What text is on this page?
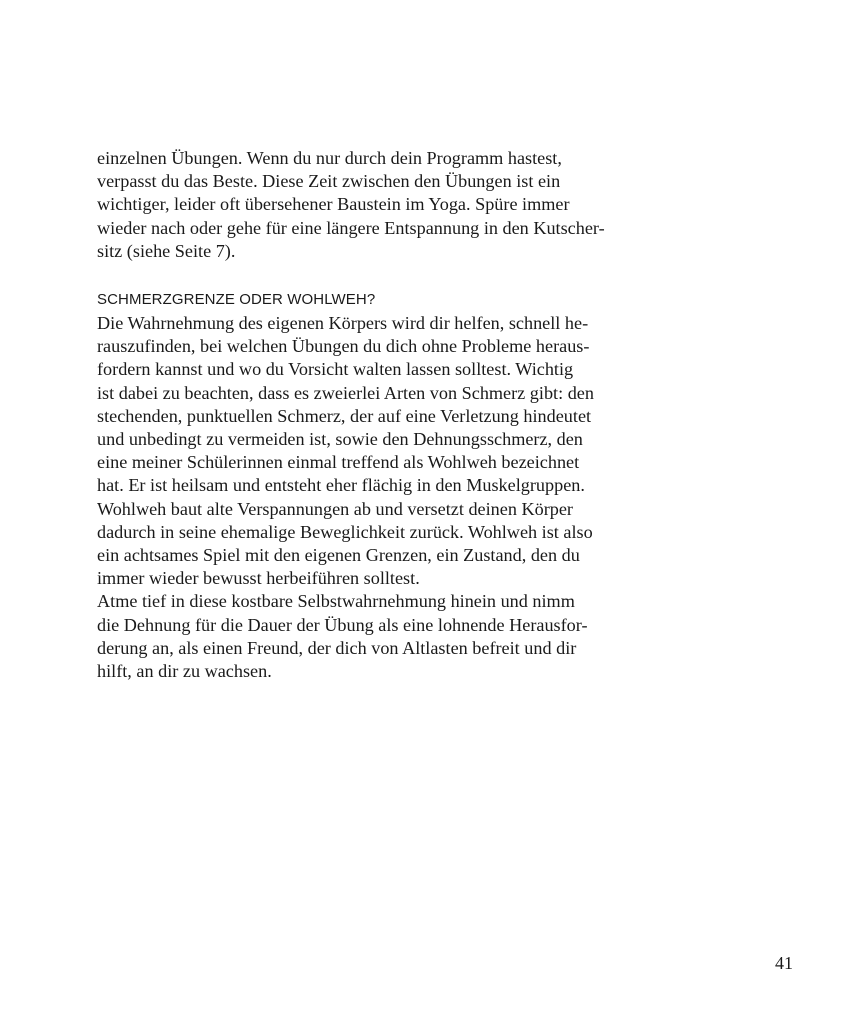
einzelnen Übungen. Wenn du nur durch dein Programm hastest,
verpasst du das Beste. Diese Zeit zwischen den Übungen ist ein
wichtiger, leider oft übersehener Baustein im Yoga. Spüre immer
wieder nach oder gehe für eine längere Entspannung in den Kutscher-
sitz (siehe Seite 7).
SCHMERZGRENZE ODER WOHLWEH?
Die Wahrnehmung des eigenen Körpers wird dir helfen, schnell he-
rauszufinden, bei welchen Übungen du dich ohne Probleme heraus-
fordern kannst und wo du Vorsicht walten lassen solltest. Wichtig
ist dabei zu beachten, dass es zweierlei Arten von Schmerz gibt: den
stechenden, punktuellen Schmerz, der auf eine Verletzung hindeutet
und unbedingt zu vermeiden ist, sowie den Dehnungsschmerz, den
eine meiner Schülerinnen einmal treffend als Wohlweh bezeichnet
hat. Er ist heilsam und entsteht eher flächig in den Muskelgruppen.
Wohlweh baut alte Verspannungen ab und versetzt deinen Körper
dadurch in seine ehemalige Beweglichkeit zurück. Wohlweh ist also
ein achtsames Spiel mit den eigenen Grenzen, ein Zustand, den du
immer wieder bewusst herbeiführen solltest.
Atme tief in diese kostbare Selbstwahrnehmung hinein und nimm
die Dehnung für die Dauer der Übung als eine lohnende Herausfor-
derung an, als einen Freund, der dich von Altlasten befreit und dir
hilft, an dir zu wachsen.
41
